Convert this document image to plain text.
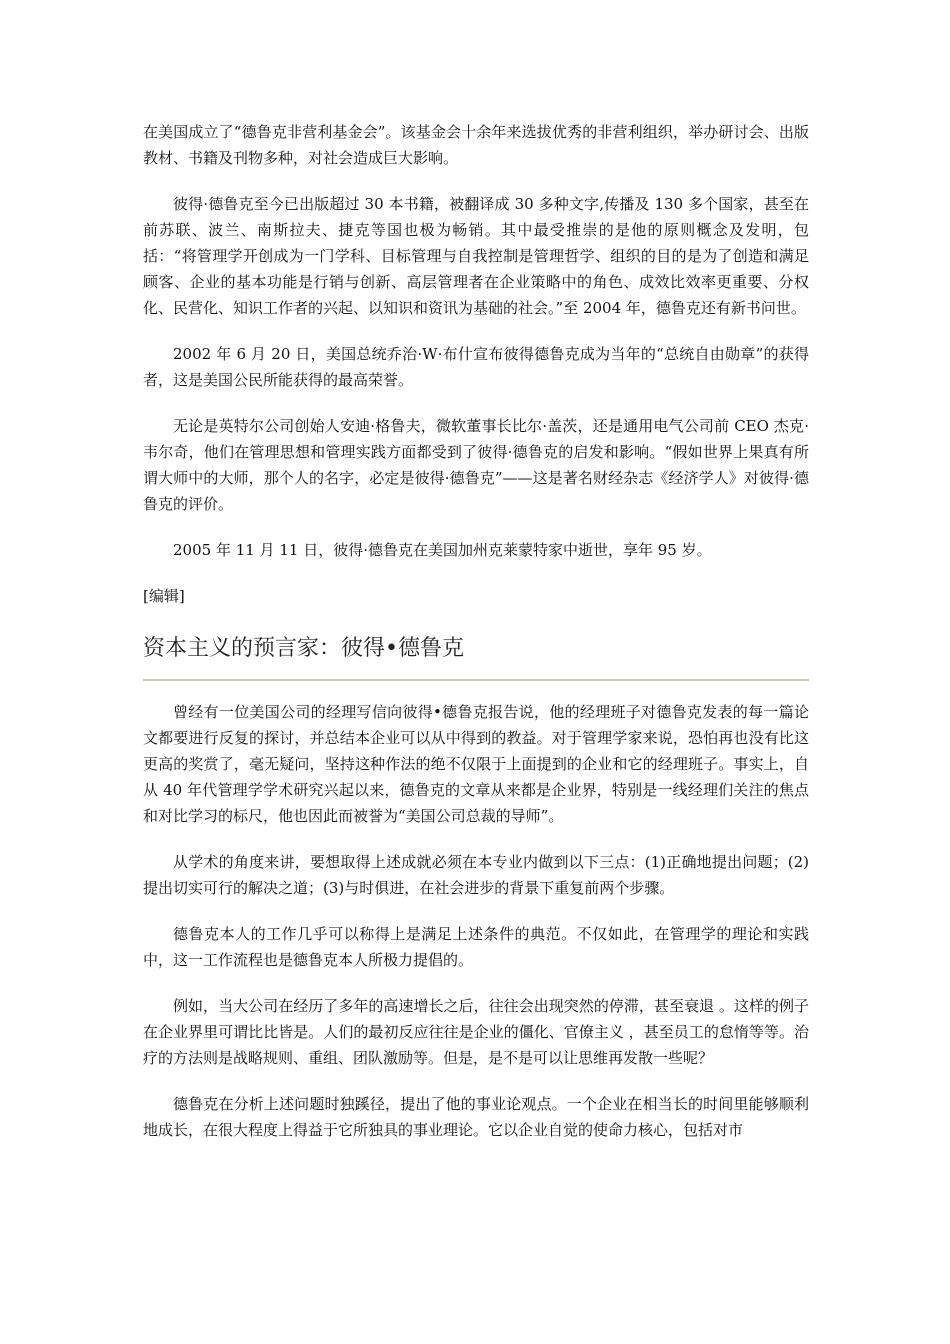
在美国成立了“德鲁克非营利基金会”。该基金会十余年来选拔优秀的非营利组织，举办研讨会、出版教材、书籍及刊物多种，对社会造成巨大影响。

彼得·德鲁克至今已出版超过 30 本书籍，被翻译成 30 多种文字,传播及 130 多个国家，甚至在前苏联、波兰、南斯拉夫、捷克等国也极为畅销。其中最受推崇的是他的原则概念及发明，包括：“将管理学开创成为一门学科、目标管理与自我控制是管理哲学、组织的目的是为了创造和满足顾客、企业的基本功能是行销与创新、高层管理者在企业策略中的角色、成效比效率更重要、分权化、民营化、知识工作者的兴起、以知识和资讯为基础的社会。”至 2004 年，德鲁克还有新书问世。

2002 年 6 月 20 日，美国总统乔治·W·布什宣布彼得德鲁克成为当年的“总统自由勋章”的获得者，这是美国公民所能获得的最高荣誉。

无论是英特尔公司创始人安迪·格鲁夫，微软董事长比尔·盖茨，还是通用电气公司前 CEO 杰克·韦尔奇，他们在管理思想和管理实践方面都受到了彼得·德鲁克的启发和影响。“假如世界上果真有所谓大师中的大师，那个人的名字，必定是彼得·德鲁克”——这是著名财经杂志《经济学人》对彼得·德鲁克的评价。

2005 年 11 月 11 日，彼得·德鲁克在美国加州克莱蒙特家中逝世，享年 95 岁。

[编辑]

资本主义的预言家：彼得•德鲁克

曾经有一位美国公司的经理写信向彼得•德鲁克报告说，他的经理班子对德鲁克发表的每一篇论文都要进行反复的探讨，并总结本企业可以从中得到的教益。对于管理学家来说，恐怕再也没有比这更高的奖赏了，毫无疑问，坚持这种作法的绝不仅限于上面提到的企业和它的经理班子。事实上，自从 40 年代管理学学术研究兴起以来，德鲁克的文章从来都是企业界，特别是一线经理们关注的焦点和对比学习的标尺，他也因此而被誉为“美国公司总裁的导师”。

从学术的角度来讲，要想取得上述成就必须在本专业内做到以下三点：(1)正确地提出问题；(2)提出切实可行的解决之道；(3)与时俱进，在社会进步的背景下重复前两个步骤。

德鲁克本人的工作几乎可以称得上是满足上述条件的典范。不仅如此，在管理学的理论和实践中，这一工作流程也是德鲁克本人所极力提倡的。

例如，当大公司在经历了多年的高速增长之后，往往会出现突然的停滞，甚至衰退 。这样的例子在企业界里可谓比比皆是。人们的最初反应往往是企业的僵化、官僚主义 ，甚至员工的怠惰等等。治疗的方法则是战略规则、重组、团队激励等。但是，是不是可以让思维再发散一些呢？

德鲁克在分析上述问题时独蹊径，提出了他的事业论观点。一个企业在相当长的时间里能够顺利地成长，在很大程度上得益于它所独具的事业理论。它以企业自觉的使命力核心，包括对市
